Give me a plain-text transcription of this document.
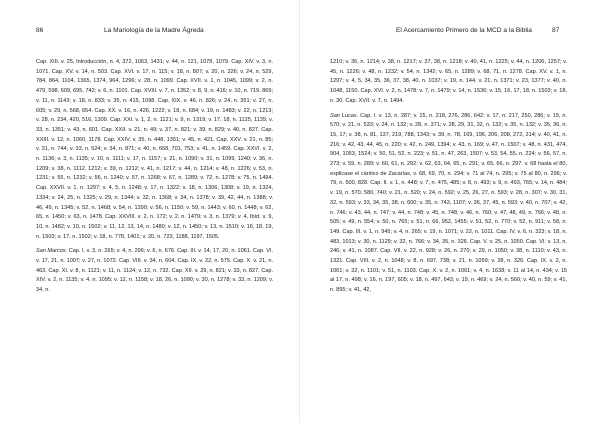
86	La Mariología de la Madre Ágreda

Cap. XIII. v. 25, Introducción, n. 4, 372, 1063, 1431; v. 44, n. 121, 1078, 1079. Cap. XIV. v. 3, n. 1071. Cap. XV. v. 14, n. 503. Cap. XVI. v. 17, n. 115; v. 18, n. 807; v. 20, n. 326; v. 24, n. 529, 784, 864, 1104, 1365, 1374, 964, 1296; v. 28, n. 1099. Cap. XVII. v. 1, n. 1045, 1099; v. 2, n. 479, 598, 609, 695, 742; v. 6, n. 1101. Cap. XVIII. v. 7, n. 1352; v. 8, 9, n. 416; v. 10, n. 719, 869; v. 11, n. 1143; v. 18, n. 833; v. 35, n. 415, 1098. Cap. XIX. v. 46, n. 826; v. 24, n. 351; v. 27, n. 605; v. 29, n. 568, 654. Cap. XX. v. 16, n. 426, 1222; v. 18, n. 684; v. 19, n. 1483; v. 22, n. 1213; v. 28, n. 234, 420, 516, 1309. Cap. XXI. v. 1, 2, n. 1121; v. 9, n. 1319; v. 17, 18, n. 1125, 1135; v. 33, n. 1351; v. 43, n. 601. Cap. XXII. v. 21, n. 49; v. 37, n. 821; v. 39, n. 829; v. 40, n. 827. Cap. XXIII. v. 12, n. 1060, 1178. Cap. XXIV. v. 35, n. 448, 1351; v. 45, n. 421. Cap. XXV. v. 21, n. 85; v. 31, n. 744; v. 33, n. 524; v. 34, n. 871; v. 40, n. 668, 701, 753; v. 41, n. 1459. Cap. XXVI. v. 2, n. 1136; v. 3, n. 1135; v. 10, n. 1111; v. 17, n. 1157; v. 21, n. 1090; v. 31, n. 1099, 1240; v. 36, n. 1209; v. 38, n. 1112, 1212; v. 39, n. 1212; v. 41, n. 1217; v. 44, n. 1214; v. 48, n. 1226; v. 53, n. 1231; v. 55, n. 1232; v. 56, n. 1240; v. 57, n. 1268; v. 67, n. 1289; v. 72, n. 1278; v. 75, n. 1494. Cap. XXVII. v. 1, n. 1297; v. 4, 5, n. 1248; v. 17, n. 1322; v. 18, n. 1306, 1308; v. 19, n. 1324, 1334; v. 24, 25, n. 1325; v. 29, n. 1344; v. 32, n. 1368; v. 34, n. 1378; v. 39, 42, 44, n. 1388; v. 46, 49, n. 1345; v. 52, n. 1468; v. 54, n. 1390; v. 56, n. 1150; v. 59, n. 1443; v. 60, n. 1448; v. 62, 65, n. 1450; v. 63, n. 1478. Cap. XXVIII. v. 2, n. 172; v. 2, n. 1479; v. 3, n. 1379; v. 4, Ibíd. v. 9, 10, n. 1482; v. 10, n. 1502; v. 11, 12, 13, 14, n. 1480; v. 12, n. 1450; v. 13, n. 1510; v. 16, 18, 19, n. 1503; v. 17, n. 1502; v. 18, n. 778, 1401; v. 20, n. 723, 1188, 1197, 1505.

San Marcos. Cap. I. v. 3, n. 265; v. 4, n. 296; v. 6, n. 676. Cap. III. v. 14, 17, 20, n. 1061. Cap. VI. v. 17, 21, n. 1007; v. 27, n. 1072. Cap. VIII. v. 34, n. 604. Cap. IX. v. 22, n. 575. Cap. X. v. 21, n. 463. Cap. XI. v. 8, n. 1121; v. 11, n. 1124; v. 12, n. 732. Cap. XII. v. 29, n. 821; v. 33, n. 827. Cap. XIV. v. 2, n. 1135; v. 4, n. 1095; v. 12, n. 1158; v. 18, 26, n. 1090; v. 30, n. 1278; v. 33, n. 1209; v. 34, n.

El Acercamiento Primero de la MCD a la Biblia	87

1210; v. 36, n. 1214; v. 38, n. 1217; v. 37, 38, n. 1218; v. 40, 41, n. 1225; v. 44, n. 1206, 1257; v. 45, n. 1226; v. 48, n. 1232; v. 54, n. 1342; v. 65, n. 1289; v. 68, 71, n. 1278. Cap. XV. v. 1, n. 1297; v. 4, 5, 34, 35, 36, 37, 38, 40, n. 1037; v. 19, n. 144, v. 21, n. 1371; v. 23, 1377; v. 40, n. 1048, 1150. Cap. XVI. v. 2, n. 1478; v. 7, n. 1479; v. 14, n. 1536; v. 15, 16, 17, 18, n. 1503; v. 18, n. 30. Cap. XVII. v. 7, n. 1494.

San Lucas. Cap. I. v. 13, n. 287; v. 15, n. 218, 276, 286, 642; v. 17, n. 217, 250, 286; v. 19, n. 570; v. 21, n. 533; v. 24, n. 132; v. 28, n. 371; v. 28, 29, 31, 32, n. 132; v. 35, n. 132; v. 35, 36, n. 15, 17; v. 38, n. 81, 137, 219, 788, 1343; v. 39, n. 78, 169, 196, 206, 208, 272, 314; v. 40, 41, n. 216; v. 42, 43, 44, 45, n. 220; v. 42, n. 249, 1394; v. 43, n. 169; v. 47, n. 1507; v. 48, n. 431, 474, 904, 1053, 1524; v. 50, 51, 52, n. 223; v. 51, n. 47, 263, 1507; v. 53, 54, 55, n. 224; v. 56, 57, n. 273; v. 59, n. 289; v. 60, 61, n. 292; v. 62, 63, 64, 65, n. 291; v. 65, 66, n. 297. v. 68 hasta el 80, explicase el cántico de Zacarías, v. 68, 69, 70, n. 294; v. 71 al 74, n. 295; v. 75 al 80, n. 296; v. 79, n. 500, 828. Cap. II. v. 1, n. 448; v. 7, n. 475, 485; v. 8, n. 493; v. 9, n. 493, 765; v. 14, n. 484; v. 19, n. 570, 580, 740; v. 21, n. 520; v. 24, n. 592; v. 25, 26, 27, n. 593; v. 28, n. 307; v. 30, 31, 32, n. 593; v. 33, 34, 35, 38, n. 600; v. 35, n. 743, 1107; v. 36, 37, 45, n. 593; v. 40, n. 707; v. 42, n. 746; v. 43, 44, n. 747; v. 44, n. 748; v. 45, n. 748; v. 46, n. 760; v. 47, 48, 49, n. 766; v. 48, n. 505; v. 49, n. 554; v. 50, n. 765; v. 51, n. 66, 952, 1455; v. 51, 52, n. 770; v. 52, n. 911; v. 58, n. 149. Cap. III. v. 1, n. 945; v. 4, n. 265; v. 19, n. 1071; v. 22, n. 1011. Cap. IV. v. 6, n. 323; v. 18, n. 483, 1013; v. 30, n. 1129; v. 32, n. 766; v. 34, 35, n. 326. Cap. V. v. 25, n. 1050. Cap. VI. v. 13, n. 246; v. 41, n. 1087. Cap. VII. v. 22, n. 928; v. 26, n. 270; v. 29, n. 1050; v. 38, n. 1110; v. 43, n. 1321. Cap. VIII. v. 2, n. 1048; v. 8, n. 697, 738; v. 21, n. 1059; v. 28, n. 326. Cap. IX. v. 2, n. 1061; v. 32, n. 1101; v. 51, n. 1103. Cap. X. v. 2, n. 1061; v. 4, n. 1638; v. 11 al 14, n. 434; v. 15 al 17, n. 498; v. 16, n. 197, 605; v. 18, n. 497, 643; v. 19, n. 469; v. 24, n. 560; v. 40, n. 59; v. 41, n. 895; v. 41, 42,
